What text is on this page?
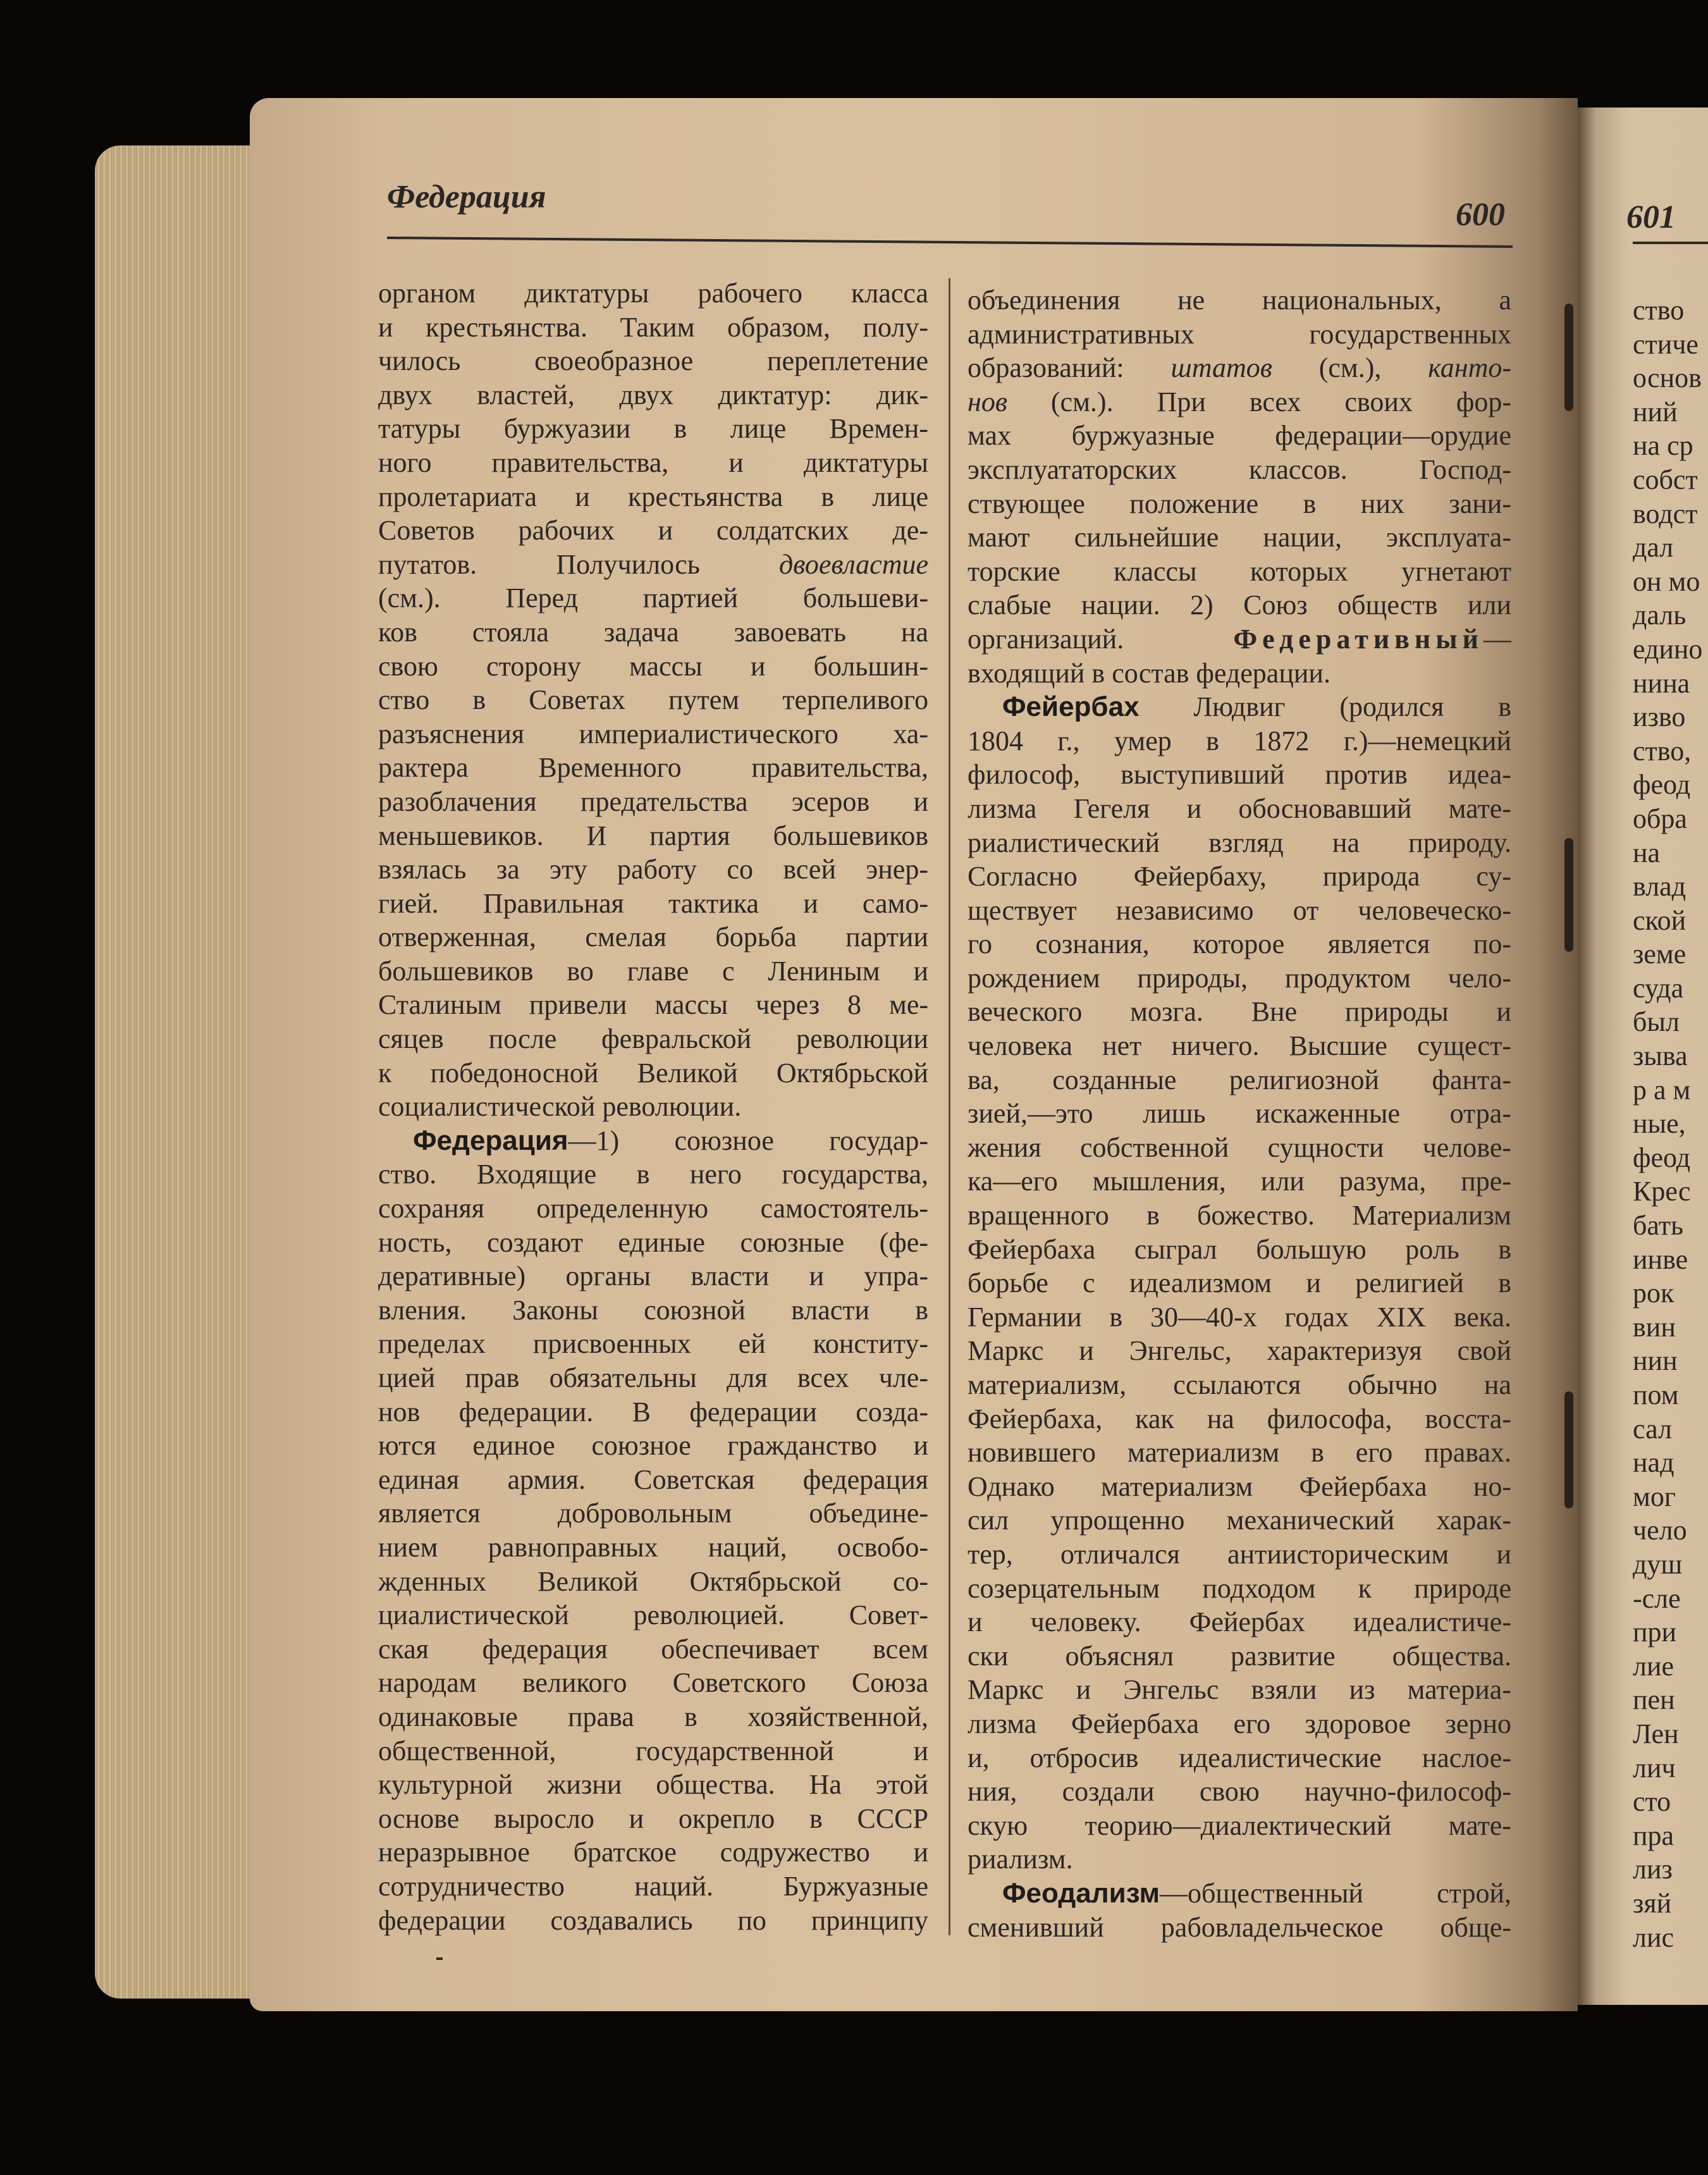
Федерация	600	601
органом диктатуры рабочего класса
и крестьянства. Таким образом, полу-
чилось своеобразное переплетение
двух властей, двух диктатур: дик-
татуры буржуазии в лице Времен-
ного правительства, и диктатуры
пролетариата и крестьянства в лице
Советов рабочих и солдатских де-
путатов. Получилось	двоевластие
(см.). Перед партией большеви-
ков стояла задача завоевать на
свою сторону массы и большин-
ство в Советах путем терпеливого
разъяснения империалистического ха-
рактера Временного правительства,
разоблачения предательства эсеров и
меньшевиков. И партия большевиков
взялась за эту работу со всей энер-
гией. Правильная тактика и само-
отверженная, смелая борьба партии
большевиков во главе с Лениным и
Сталиным привели массы через 8 ме-
сяцев после февральской революции
к победоносной Великой Октябрьской
социалистической революции.
Федерация—1) союзное государ-
ство. Входящие в него государства,
сохраняя определенную самостоятель-
ность, создают единые союзные (фе-
деративные) органы власти и упра-
вления. Законы союзной власти в
пределах присвоенных ей конститу-
цией прав обязательны для всех чле-
нов федерации. В федерации созда-
ются единое союзное гражданство и
единая армия. Советская федерация
является добровольным объедине-
нием равноправных наций, освобо-
жденных Великой Октябрьской со-
циалистической революцией. Совет-
ская федерация обеспечивает всем
народам великого Советского Союза
одинаковые права в хозяйственной,
общественной, государственной и
культурной жизни общества. На этой
основе выросло и окрепло в СССР
неразрывное братское содружество и
сотрудничество наций. Буржуазные
федерации создавались по принципу
объединения не национальных, а
административных государственных
образований: штатов (см.), канто-
нов (см.). При всех своих фор-
мах буржуазные федерации—орудие
эксплуататорских классов. Господ-
ствующее положение в них зани-
мают сильнейшие нации, эксплуата-
торские классы которых угнетают
слабые нации. 2) Союз обществ или
организаций.	Федеративный—
входящий в состав федерации.
Фейербах Людвиг (родился в
1804 г., умер в 1872 г.)—немецкий
философ, выступивший против идеа-
лизма Гегеля и обосновавший мате-
риалистический взгляд на природу.
Согласно Фейербаху, природа су-
ществует независимо от человеческо-
го сознания, которое является по-
рождением природы, продуктом чело-
веческого мозга. Вне природы и
человека нет ничего. Высшие сущест-
ва, созданные религиозной фанта-
зией,—это лишь искаженные отра-
жения собственной сущности челове-
ка—его мышления, или разума, пре-
вращенного в божество. Материализм
Фейербаха сыграл большую роль в
борьбе с идеализмом и религией в
Германии в 30—40-х годах XIX века.
Маркс и Энгельс, характеризуя свой
материализм, ссылаются обычно на
Фейербаха, как на философа, восста-
новившего материализм в его правах.
Однако материализм Фейербаха но-
сил упрощенно механический харак-
тер, отличался антиисторическим и
созерцательным подходом к природе
и человеку. Фейербах идеалистиче-
ски объяснял развитие общества.
Маркс и Энгельс взяли из материа-
лизма Фейербаха его здоровое зерно
и, отбросив идеалистические наслое-
ния, создали свою научно-философ-
скую теорию—диалектический мате-
риализм.
Феодализм—общественный строй,
сменивший рабовладельческое обще-
ство
стиче
основ
ний
на ср
собст
водст
дал
он мо
даль
едино
нина
изво
ство,
феод
обра
на
влад
ской
земе
суда
был
зыва
р а м
ные,
феод
Крес
бать
инве
рок
вин
нин
пом
сал
над
мог
чело
душ
-сле
при
лие
пен
Лен
лич
сто
пра
лиз
зяй
лис
